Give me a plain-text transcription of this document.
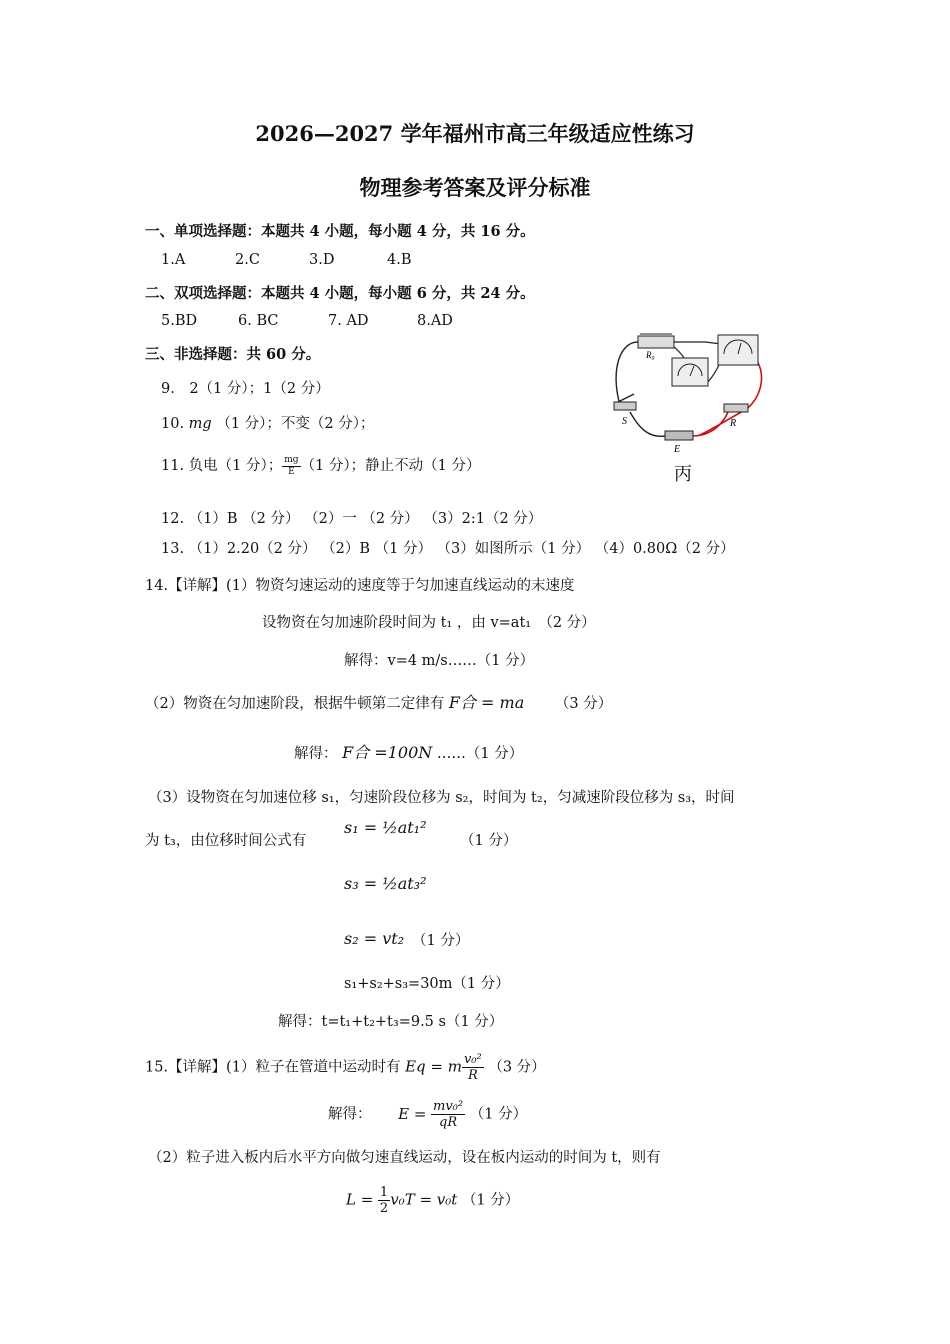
2026—2027 学年福州市高三年级适应性练习
物理参考答案及评分标准
一、单项选择题：本题共 4 小题，每小题 4 分，共 16 分。
1.A	2.C	3.D	4.B
二、双项选择题：本题共 4 小题，每小题 6 分，共 24 分。
5.BD	6. BC	7. AD	8.AD
三、非选择题：共 60 分。
9.　2（1 分）；1（2 分）
10. mg （1 分）；不变（2 分）；
11. 负电（1 分）； $\frac{mg}{E} (1$ 分）；静止不动（1 分）
12. （1）B （2 分） （2）一 （2 分） （3）2:1（2 分）
13. （1）2.20（2 分） （2）B （1 分） （3）如图所示（1 分） （4）0.80Ω（2 分）
R₀
S
E
R
丙
14.【详解】(1）物资匀速运动的速度等于匀加速直线运动的末速度
设物资在匀加速阶段时间为 t₁ ，由 v=at₁　（2 分）
解得：v=4 m/s……（1 分）
（2）物资在匀加速阶段，根据牛顿第二定律有 F合 = ma （3 分）
解得： F合 =100N ……（1 分）
（3）设物资在匀加速位移 s₁，匀速阶段位移为 s₂，时间为 t₂，匀减速阶段位移为 s₃，时间
为 t₃，由位移时间公式有
s₁ = ½at₁²
（1 分）
s₃ = ½at₃²
s₂ = vt₂ （1 分）
s₁+s₂+s₃=30m（1 分）
解得：t=t₁+t₂+t₃=9.5 s（1 分）
15.【详解】(1）粒子在管道中运动时有 Eq = m $\frac{\text{v₀²}}{R} (3$ 分）
解得： $E = \frac{\text{mv₀²}}{qR} (1$ 分）
（2）粒子进入板内后水平方向做匀速直线运动，设在板内运动的时间为 t，则有
$L = \frac{1}{2} v_0T = v_0t$ （1 分）
